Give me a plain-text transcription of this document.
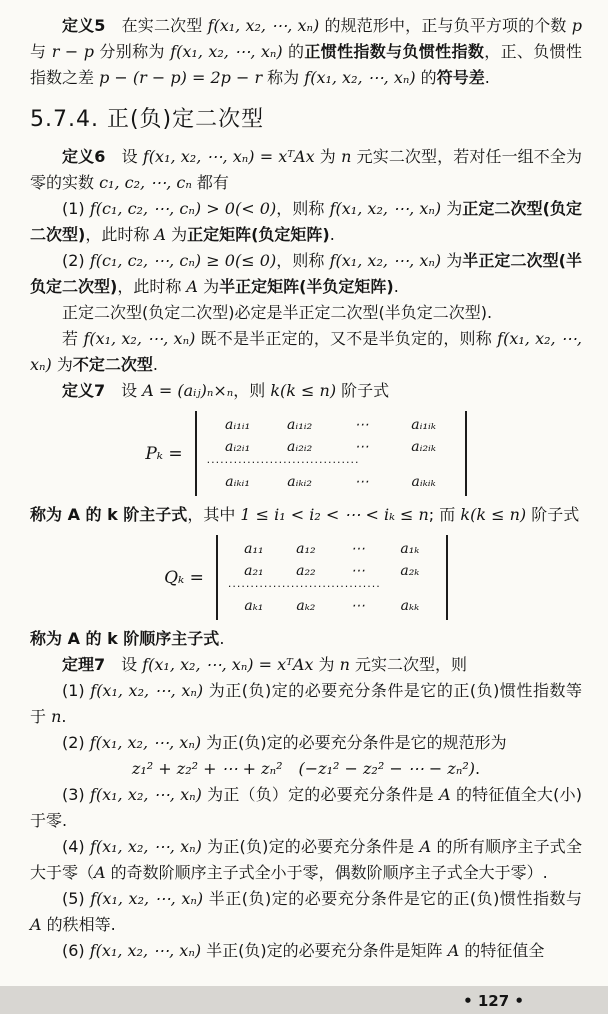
定义5　在实二次型 f(x₁, x₂, ⋯, xₙ) 的规范形中，正与负平方项的个数 p 与 r − p 分别称为 f(x₁, x₂, ⋯, xₙ) 的正惯性指数与负惯性指数，正、负惯性指数之差 p − (r − p) = 2p − r 称为 f(x₁, x₂, ⋯, xₙ) 的符号差.

5.7.4. 正(负)定二次型

定义6　设 f(x₁, x₂, ⋯, xₙ) = xᵀAx 为 n 元实二次型，若对任一组不全为零的实数 c₁, c₂, ⋯, cₙ 都有

(1) f(c₁, c₂, ⋯, cₙ) > 0(< 0)，则称 f(x₁, x₂, ⋯, xₙ) 为正定二次型(负定二次型)，此时称 A 为正定矩阵(负定矩阵).

(2) f(c₁, c₂, ⋯, cₙ) ≥ 0(≤ 0)，则称 f(x₁, x₂, ⋯, xₙ) 为半正定二次型(半负定二次型)，此时称 A 为半正定矩阵(半负定矩阵).

正定二次型(负定二次型)必定是半正定二次型(半负定二次型).

若 f(x₁, x₂, ⋯, xₙ) 既不是半正定的，又不是半负定的，则称 f(x₁, x₂, ⋯, xₙ) 为不定二次型.

定义7　设 A = (aᵢⱼ)ₙ×ₙ，则 k(k ≤ n) 阶子式

Pₖ =
aᵢ₁ᵢ₁	aᵢ₁ᵢ₂	⋯	aᵢ₁ᵢₖ
aᵢ₂ᵢ₁	aᵢ₂ᵢ₂	⋯	aᵢ₂ᵢₖ
··································
aᵢₖᵢ₁	aᵢₖᵢ₂	⋯	aᵢₖᵢₖ

称为 A 的 k 阶主子式，其中 1 ≤ i₁ < i₂ < ⋯ < iₖ ≤ n; 而 k(k ≤ n) 阶子式

Qₖ =
a₁₁	a₁₂	⋯	a₁ₖ
a₂₁	a₂₂	⋯	a₂ₖ
··································
aₖ₁	aₖ₂	⋯	aₖₖ

称为 A 的 k 阶顺序主子式.

定理7　设 f(x₁, x₂, ⋯, xₙ) = xᵀAx 为 n 元实二次型，则

(1) f(x₁, x₂, ⋯, xₙ) 为正(负)定的必要充分条件是它的正(负)惯性指数等于 n.

(2) f(x₁, x₂, ⋯, xₙ) 为正(负)定的必要充分条件是它的规范形为

z₁² + z₂² + ⋯ + zₙ²　 (−z₁² − z₂² − ⋯ − zₙ²).

(3) f(x₁, x₂, ⋯, xₙ) 为正（负）定的必要充分条件是 A 的特征值全大(小)于零.

(4) f(x₁, x₂, ⋯, xₙ) 为正(负)定的必要充分条件是 A 的所有顺序主子式全大于零（A 的奇数阶顺序主子式全小于零，偶数阶顺序主子式全大于零）.

(5) f(x₁, x₂, ⋯, xₙ) 半正(负)定的必要充分条件是它的正(负)惯性指数与 A 的秩相等.

(6) f(x₁, x₂, ⋯, xₙ) 半正(负)定的必要充分条件是矩阵 A 的特征值全

• 127 •
